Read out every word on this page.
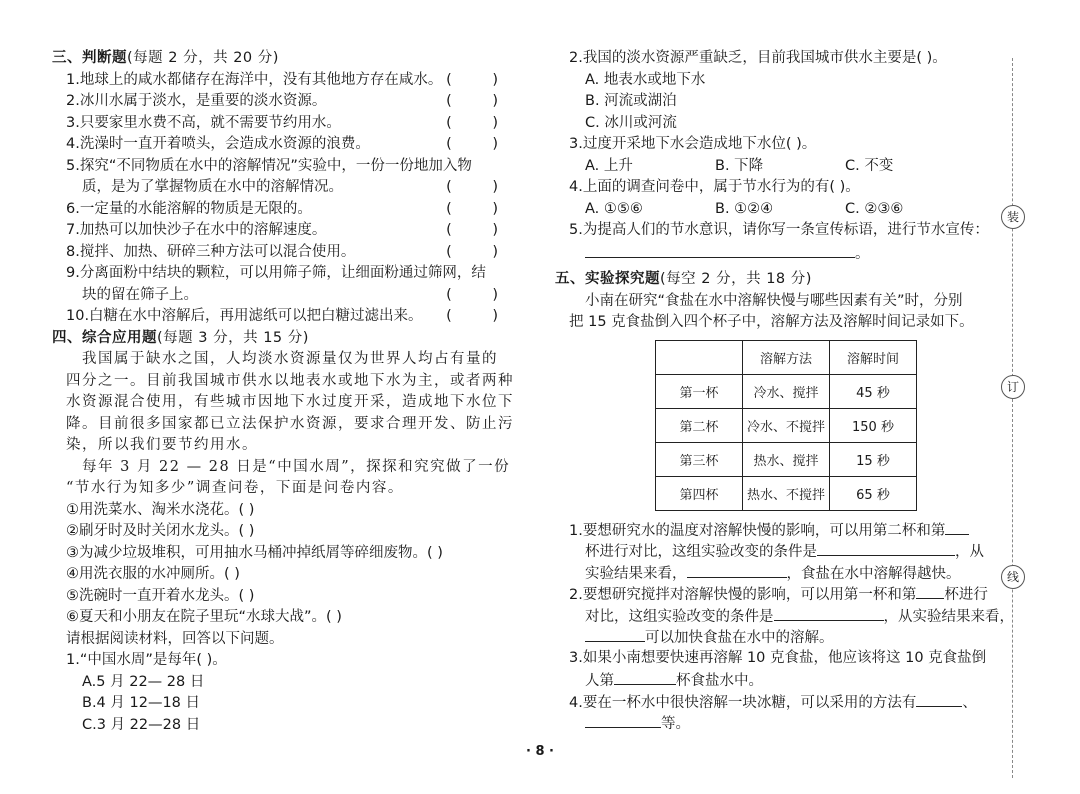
三、判断题(每题 2 分，共 20 分)
1.地球上的咸水都储存在海洋中，没有其他地方存在咸水。 ( )
2.冰川水属于淡水，是重要的淡水资源。	( )
3.只要家里水费不高，就不需要节约用水。	( )
4.洗澡时一直开着喷头，会造成水资源的浪费。	( )
5.探究“不同物质在水中的溶解情况”实验中，一份一份地加入物
质，是为了掌握物质在水中的溶解情况。	( )
6.一定量的水能溶解的物质是无限的。	( )
7.加热可以加快沙子在水中的溶解速度。	( )
8.搅拌、加热、研碎三种方法可以混合使用。	( )
9.分离面粉中结块的颗粒，可以用筛子筛，让细面粉通过筛网，结
块的留在筛子上。	( )
10.白糖在水中溶解后，再用滤纸可以把白糖过滤出来。 ( )
四、综合应用题(每题 3 分，共 15 分)
我国属于缺水之国，人均淡水资源量仅为世界人均占有量的
四分之一。目前我国城市供水以地表水或地下水为主，或者两种
水资源混合使用，有些城市因地下水过度开采，造成地下水位下
降。目前很多国家都已立法保护水资源，要求合理开发、防止污
染，所以我们要节约用水。
每年 3 月 22 — 28 日是“中国水周”，探探和究究做了一份
“节水行为知多少”调查问卷，下面是问卷内容。
①用洗菜水、淘米水浇花。( )
②刷牙时及时关闭水龙头。( )
③为减少垃圾堆积，可用抽水马桶冲掉纸屑等碎细废物。( )
④用洗衣服的水冲厕所。( )
⑤洗碗时一直开着水龙头。( )
⑥夏天和小朋友在院子里玩“水球大战”。( )
请根据阅读材料，回答以下问题。
1.“中国水周”是每年( )。
A.5 月 22— 28 日
B.4 月 12—18 日
C.3 月 22—28 日
2.我国的淡水资源严重缺乏，目前我国城市供水主要是( )。
A. 地表水或地下水
B. 河流或湖泊
C. 冰川或河流
3.过度开采地下水会造成地下水位( )。
A. 上升	B. 下降	C. 不变
4.上面的调查问卷中，属于节水行为的有( )。
A. ①⑤⑥	B. ①②④	C. ②③⑥
5.为提高人们的节水意识，请你写一条宣传标语，进行节水宣传：
。
五、实验探究题(每空 2 分，共 18 分)
小南在研究“食盐在水中溶解快慢与哪些因素有关”时，分别
把 15 克食盐倒入四个杯子中，溶解方法及溶解时间记录如下。
	溶解方法	溶解时间
第一杯	冷水、搅拌	45 秒
第二杯	冷水、不搅拌	150 秒
第三杯	热水、搅拌	15 秒
第四杯	热水、不搅拌	65 秒
1.要想研究水的温度对溶解快慢的影响，可以用第二杯和第
杯进行对比，这组实验改变的条件是	，从
实验结果来看，	，食盐在水中溶解得越快。
2.要想研究搅拌对溶解快慢的影响，可以用第一杯和第 杯进行
对比，这组实验改变的条件是	，从实验结果来看，
可以加快食盐在水中的溶解。
3.如果小南想要快速再溶解 10 克食盐，他应该将这 10 克食盐倒
人第	杯食盐水中。
4.要在一杯水中很快溶解一块冰糖，可以采用的方法有	、
等。
装
订
线
· 8 ·
